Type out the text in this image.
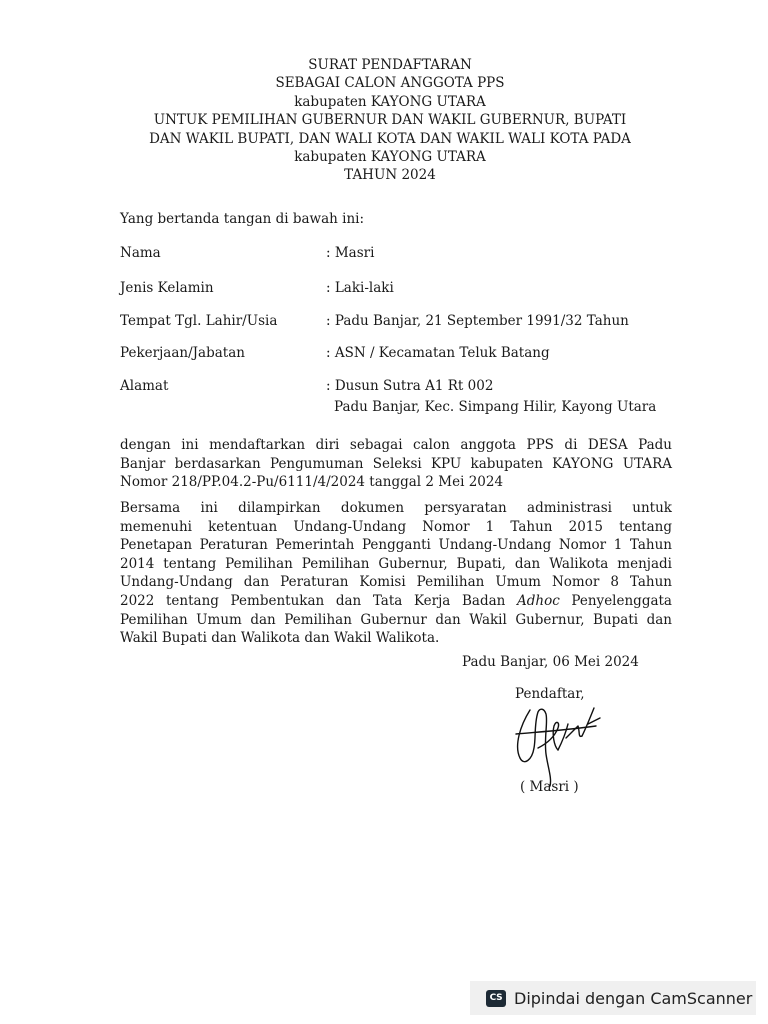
SURAT PENDAFTARAN
SEBAGAI CALON ANGGOTA PPS
kabupaten KAYONG UTARA
UNTUK PEMILIHAN GUBERNUR DAN WAKIL GUBERNUR, BUPATI
DAN WAKIL BUPATI, DAN WALI KOTA DAN WAKIL WALI KOTA PADA
kabupaten KAYONG UTARA
TAHUN 2024
Yang bertanda tangan di bawah ini:
Nama	: Masri
Jenis Kelamin	: Laki-laki
Tempat Tgl. Lahir/Usia	: Padu Banjar, 21 September 1991/32 Tahun
Pekerjaan/Jabatan	: ASN / Kecamatan Teluk Batang
Alamat	: Dusun Sutra A1 Rt 002
Padu Banjar, Kec. Simpang Hilir, Kayong Utara
dengan ini mendaftarkan diri sebagai calon anggota PPS di DESA Padu
Banjar berdasarkan Pengumuman Seleksi KPU kabupaten KAYONG UTARA
Nomor 218/PP.04.2-Pu/6111/4/2024 tanggal 2 Mei 2024
Bersama ini dilampirkan dokumen persyaratan administrasi untuk
memenuhi ketentuan Undang-Undang Nomor 1 Tahun 2015 tentang
Penetapan Peraturan Pemerintah Pengganti Undang-Undang Nomor 1 Tahun
2014 tentang Pemilihan Pemilihan Gubernur, Bupati, dan Walikota menjadi
Undang-Undang dan Peraturan Komisi Pemilihan Umum Nomor 8 Tahun
2022 tentang Pembentukan dan Tata Kerja Badan Adhoc Penyelenggata
Pemilihan Umum dan Pemilihan Gubernur dan Wakil Gubernur, Bupati dan
Wakil Bupati dan Walikota dan Wakil Walikota.
Padu Banjar, 06 Mei 2024
Pendaftar,
( Masri )
CS Dipindai dengan CamScanner
